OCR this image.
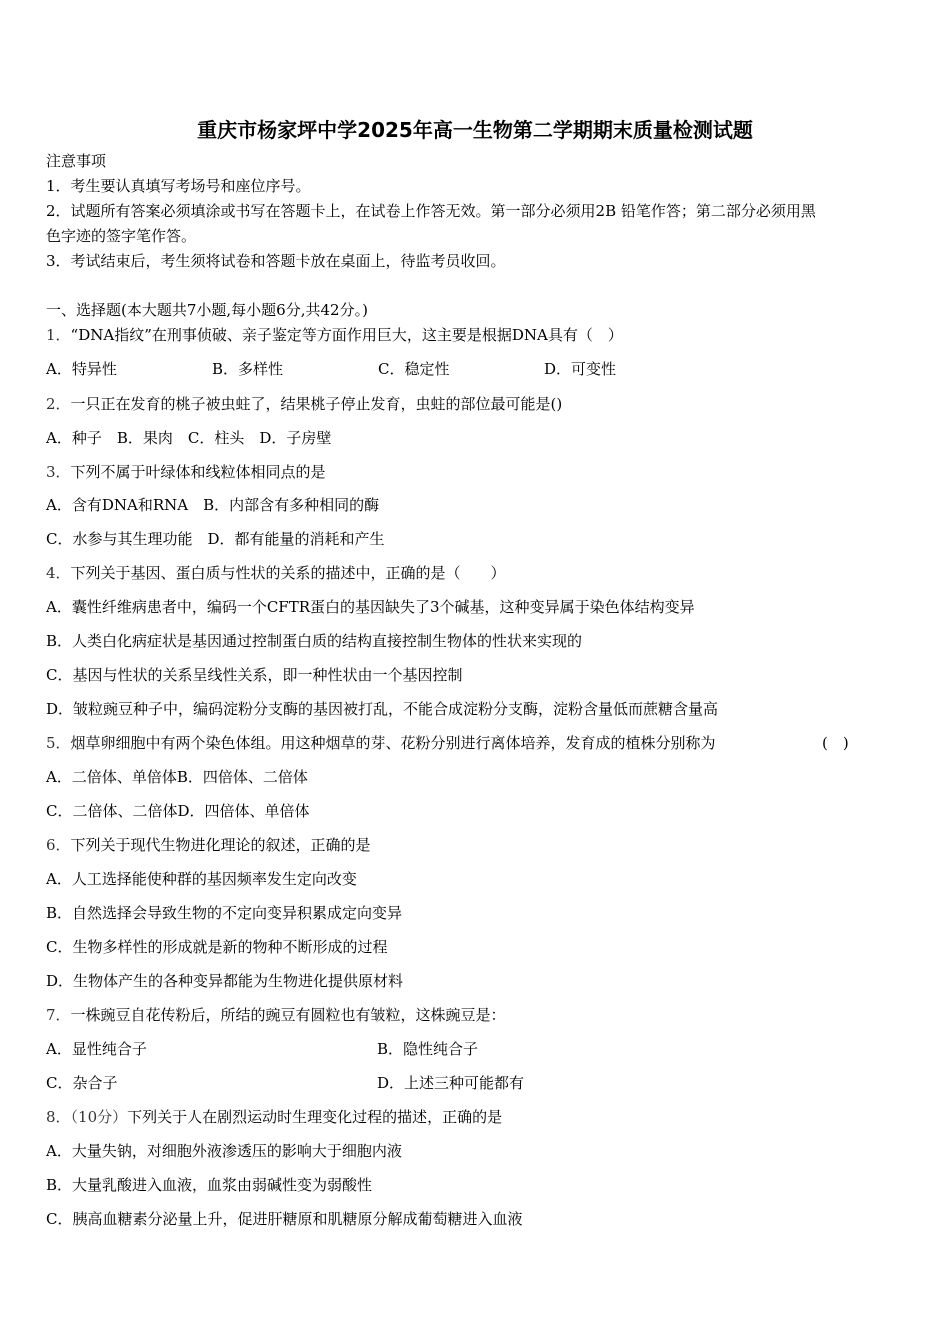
重庆市杨家坪中学2025年高一生物第二学期期末质量检测试题
注意事项
1．考生要认真填写考场号和座位序号。
2．试题所有答案必须填涂或书写在答题卡上，在试卷上作答无效。第一部分必须用2B 铅笔作答；第二部分必须用黑
色字迹的签字笔作答。
3．考试结束后，考生须将试卷和答题卡放在桌面上，待监考员收回。
一、选择题(本大题共7小题,每小题6分,共42分。)
1．“DNA指纹”在刑事侦破、亲子鉴定等方面作用巨大，这主要是根据DNA具有（　）
A．特异性	B．多样性	C．稳定性	D．可变性
2．一只正在发育的桃子被虫蛀了，结果桃子停止发育，虫蛀的部位最可能是()
A．种子　B．果肉　C．柱头　D．子房壁
3．下列不属于叶绿体和线粒体相同点的是
A．含有DNA和RNA　B．内部含有多种相同的酶
C．水参与其生理功能　D．都有能量的消耗和产生
4．下列关于基因、蛋白质与性状的关系的描述中，正确的是（　　）
A．囊性纤维病患者中，编码一个CFTR蛋白的基因缺失了3个碱基，这种变异属于染色体结构变异
B．人类白化病症状是基因通过控制蛋白质的结构直接控制生物体的性状来实现的
C．基因与性状的关系呈线性关系，即一种性状由一个基因控制
D．皱粒豌豆种子中，编码淀粉分支酶的基因被打乱，不能合成淀粉分支酶，淀粉含量低而蔗糖含量高
5．烟草卵细胞中有两个染色体组。用这种烟草的芽、花粉分别进行离体培养，发育成的植株分别称为	(　)
A．二倍体、单倍体B．四倍体、二倍体
C．二倍体、二倍体D．四倍体、单倍体
6．下列关于现代生物进化理论的叙述，正确的是
A．人工选择能使种群的基因频率发生定向改变
B．自然选择会导致生物的不定向变异积累成定向变异
C．生物多样性的形成就是新的物种不断形成的过程
D．生物体产生的各种变异都能为生物进化提供原材料
7．一株豌豆自花传粉后，所结的豌豆有圆粒也有皱粒，这株豌豆是：
A．显性纯合子	B．隐性纯合子
C．杂合子	D．上述三种可能都有
8．（10分）下列关于人在剧烈运动时生理变化过程的描述，正确的是
A．大量失钠，对细胞外液渗透压的影响大于细胞内液
B．大量乳酸进入血液，血浆由弱碱性变为弱酸性
C．胰高血糖素分泌量上升，促进肝糖原和肌糖原分解成葡萄糖进入血液
